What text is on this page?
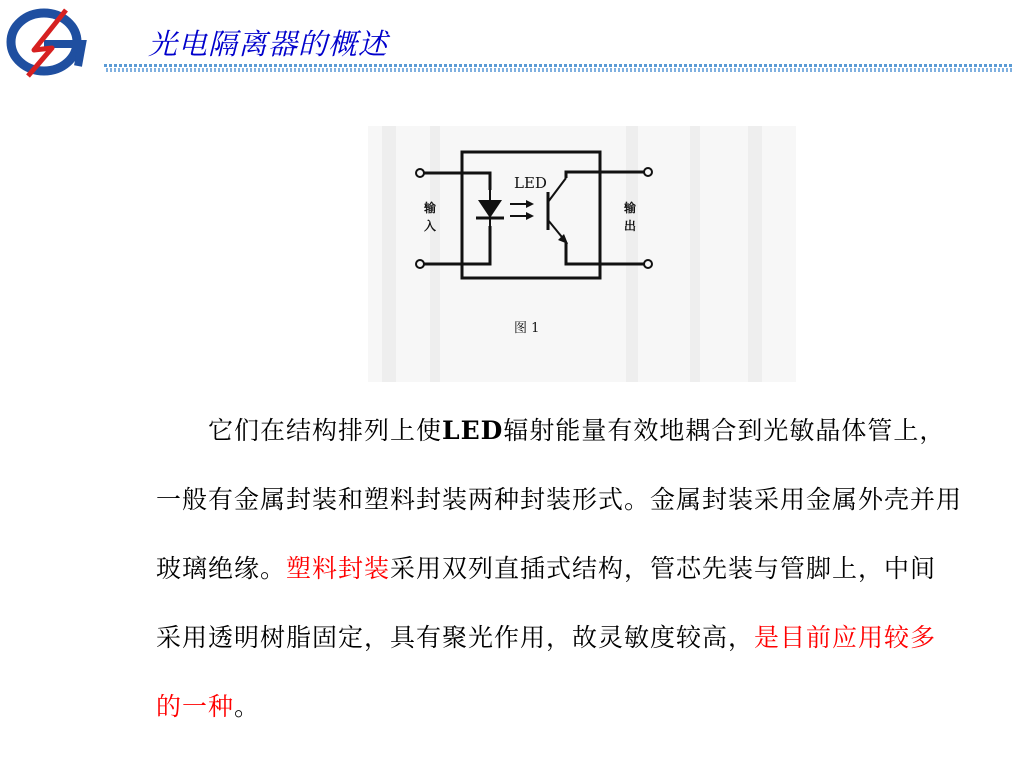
光电隔离器的概述
LED
输
入
输
出
图 1

它们在结构排列上使LED辐射能量有效地耦合到光敏晶体管上，一般有金属封装和塑料封装两种封装形式。金属封装采用金属外壳并用玻璃绝缘。塑料封装采用双列直插式结构，管芯先装与管脚上，中间采用透明树脂固定，具有聚光作用，故灵敏度较高，是目前应用较多的一种。
